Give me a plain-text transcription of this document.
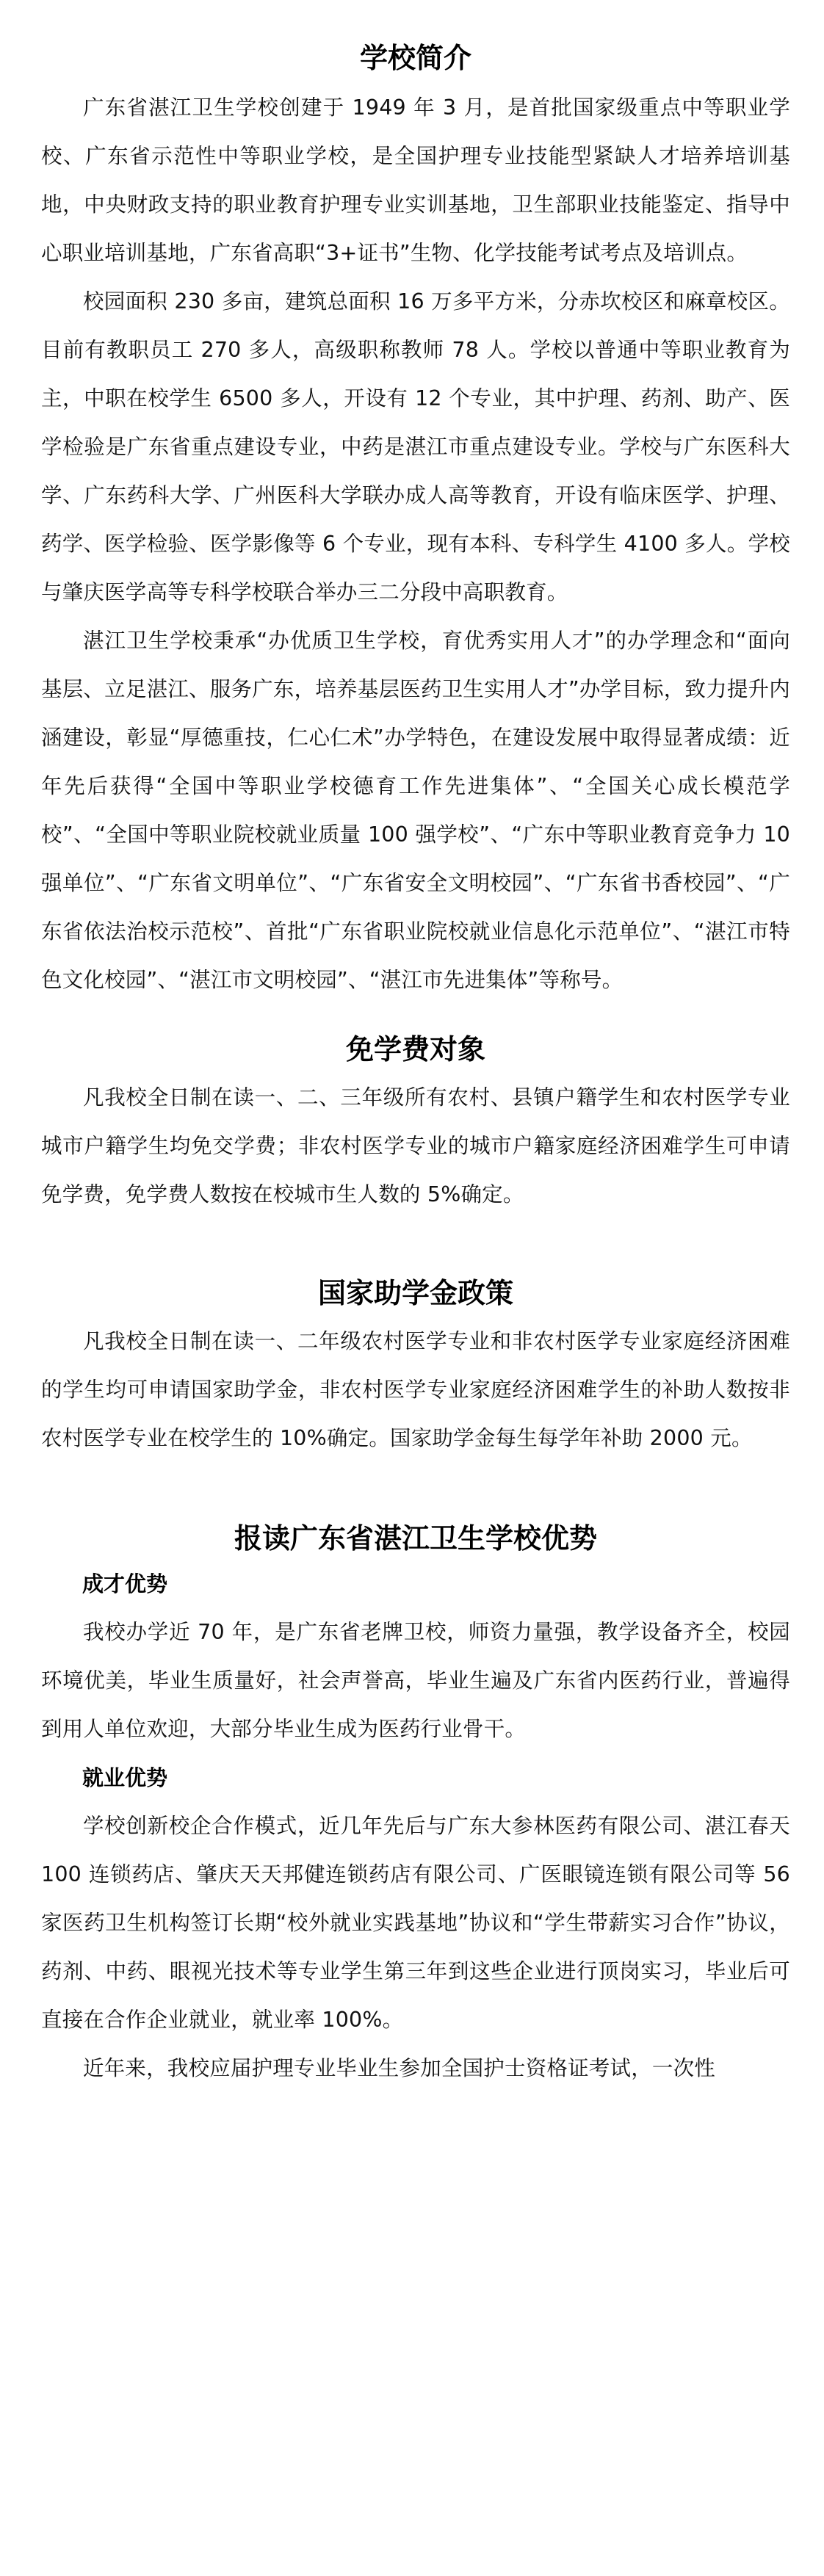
学校简介

广东省湛江卫生学校创建于 1949 年 3 月，是首批国家级重点中等职业学校、广东省示范性中等职业学校，是全国护理专业技能型紧缺人才培养培训基地，中央财政支持的职业教育护理专业实训基地，卫生部职业技能鉴定、指导中心职业培训基地，广东省高职“3+证书”生物、化学技能考试考点及培训点。

校园面积 230 多亩，建筑总面积 16 万多平方米，分赤坎校区和麻章校区。目前有教职员工 270 多人，高级职称教师 78 人。学校以普通中等职业教育为主，中职在校学生 6500 多人，开设有 12 个专业，其中护理、药剂、助产、医学检验是广东省重点建设专业，中药是湛江市重点建设专业。学校与广东医科大学、广东药科大学、广州医科大学联办成人高等教育，开设有临床医学、护理、药学、医学检验、医学影像等 6 个专业，现有本科、专科学生 4100 多人。学校与肇庆医学高等专科学校联合举办三二分段中高职教育。

湛江卫生学校秉承“办优质卫生学校，育优秀实用人才”的办学理念和“面向基层、立足湛江、服务广东，培养基层医药卫生实用人才”办学目标，致力提升内涵建设，彰显“厚德重技，仁心仁术”办学特色，在建设发展中取得显著成绩：近年先后获得“全国中等职业学校德育工作先进集体”、“全国关心成长模范学校”、“全国中等职业院校就业质量 100 强学校”、“广东中等职业教育竞争力 10 强单位”、“广东省文明单位”、“广东省安全文明校园”、“广东省书香校园”、“广东省依法治校示范校”、首批“广东省职业院校就业信息化示范单位”、“湛江市特色文化校园”、“湛江市文明校园”、“湛江市先进集体”等称号。

免学费对象

凡我校全日制在读一、二、三年级所有农村、县镇户籍学生和农村医学专业城市户籍学生均免交学费；非农村医学专业的城市户籍家庭经济困难学生可申请免学费，免学费人数按在校城市生人数的 5%确定。

国家助学金政策

凡我校全日制在读一、二年级农村医学专业和非农村医学专业家庭经济困难的学生均可申请国家助学金，非农村医学专业家庭经济困难学生的补助人数按非农村医学专业在校学生的 10%确定。国家助学金每生每学年补助 2000 元。

报读广东省湛江卫生学校优势
成才优势

我校办学近 70 年，是广东省老牌卫校，师资力量强，教学设备齐全，校园环境优美，毕业生质量好，社会声誉高，毕业生遍及广东省内医药行业，普遍得到用人单位欢迎，大部分毕业生成为医药行业骨干。

就业优势

学校创新校企合作模式，近几年先后与广东大参林医药有限公司、湛江春天 100 连锁药店、肇庆天天邦健连锁药店有限公司、广医眼镜连锁有限公司等 56 家医药卫生机构签订长期“校外就业实践基地”协议和“学生带薪实习合作”协议，药剂、中药、眼视光技术等专业学生第三年到这些企业进行顶岗实习，毕业后可直接在合作企业就业，就业率 100%。

近年来，我校应届护理专业毕业生参加全国护士资格证考试，一次性
